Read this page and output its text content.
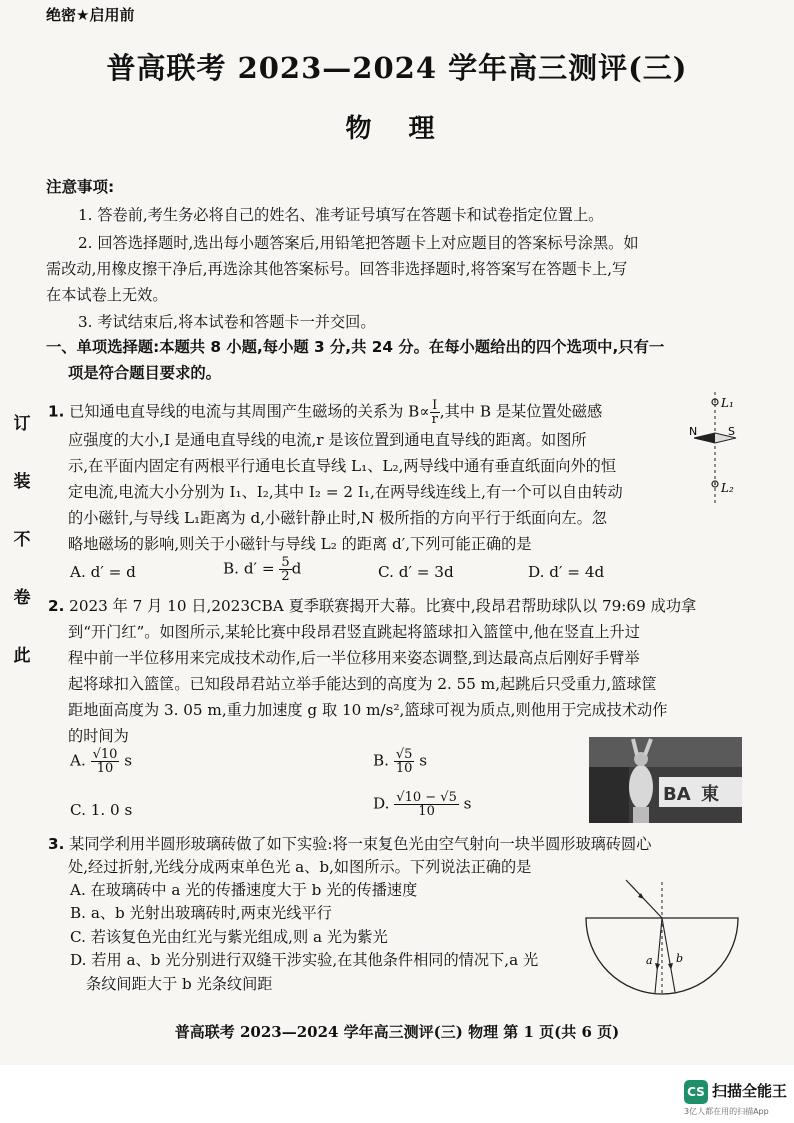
绝密★启用前
普高联考 2023—2024 学年高三测评(三)
物 理
订
装
不
卷
此
注意事项:
1. 答卷前,考生务必将自己的姓名、准考证号填写在答题卡和试卷指定位置上。
2. 回答选择题时,选出每小题答案后,用铅笔把答题卡上对应题目的答案标号涂黑。如
需改动,用橡皮擦干净后,再选涂其他答案标号。回答非选择题时,将答案写在答题卡上,写
在本试卷上无效。
3. 考试结束后,将本试卷和答题卡一并交回。
一、单项选择题:本题共 8 小题,每小题 3 分,共 24 分。在每小题给出的四个选项中,只有一
项是符合题目要求的。
1. 已知通电直导线的电流与其周围产生磁场的关系为 $B\propto \frac{I}{r}$ ,其中 B 是某位置处磁感
应强度的大小,I 是通电直导线的电流,r 是该位置到通电直导线的距离。如图所
示,在平面内固定有两根平行通电长直导线 L₁、L₂,两导线中通有垂直纸面向外的恒
定电流,电流大小分别为 I₁、I₂,其中 I₂ = 2 I₁,在两导线连线上,有一个可以自由转动
的小磁针,与导线 L₁距离为 d,小磁针静止时,N 极所指的方向平行于纸面向左。忽
略地磁场的影响,则关于小磁针与导线 L₂ 的距离 d′,下列可能正确的是
A. d′ = d	B. $d' = \frac{5}{2}$ d	C. d′ = 3d	D. d′ = 4d
L₁
N	S
L₂
2. 2023 年 7 月 10 日,2023CBA 夏季联赛揭开大幕。比赛中,段昂君帮助球队以 79:69 成功拿
到“开门红”。如图所示,某轮比赛中段昂君竖直跳起将篮球扣入篮筐中,他在竖直上升过
程中前一半位移用来完成技术动作,后一半位移用来姿态调整,到达最高点后刚好手臂举
起将球扣入篮筐。已知段昂君站立举手能达到的高度为 2. 55 m,起跳后只受重力,篮球筐
距地面高度为 3. 05 m,重力加速度 g 取 10 m/s²,篮球可视为质点,则他用于完成技术动作
的时间为
A. $\frac{√10}{10}$ s	B. $\frac{√5}{10}$ s
C. 1. 0 s	D. $\frac{√10 - √5}{10}$ s	BA 東
3. 某同学利用半圆形玻璃砖做了如下实验:将一束复色光由空气射向一块半圆形玻璃砖圆心
处,经过折射,光线分成两束单色光 a、b,如图所示。下列说法正确的是
A. 在玻璃砖中 a 光的传播速度大于 b 光的传播速度
B. a、b 光射出玻璃砖时,两束光线平行
C. 若该复色光由红光与紫光组成,则 a 光为紫光
D. 若用 a、b 光分别进行双缝干涉实验,在其他条件相同的情况下,a 光
条纹间距大于 b 光条纹间距
a b
普高联考 2023—2024 学年高三测评(三) 物理 第 1 页(共 6 页)
CS 扫描全能王
3亿人都在用的扫描App
